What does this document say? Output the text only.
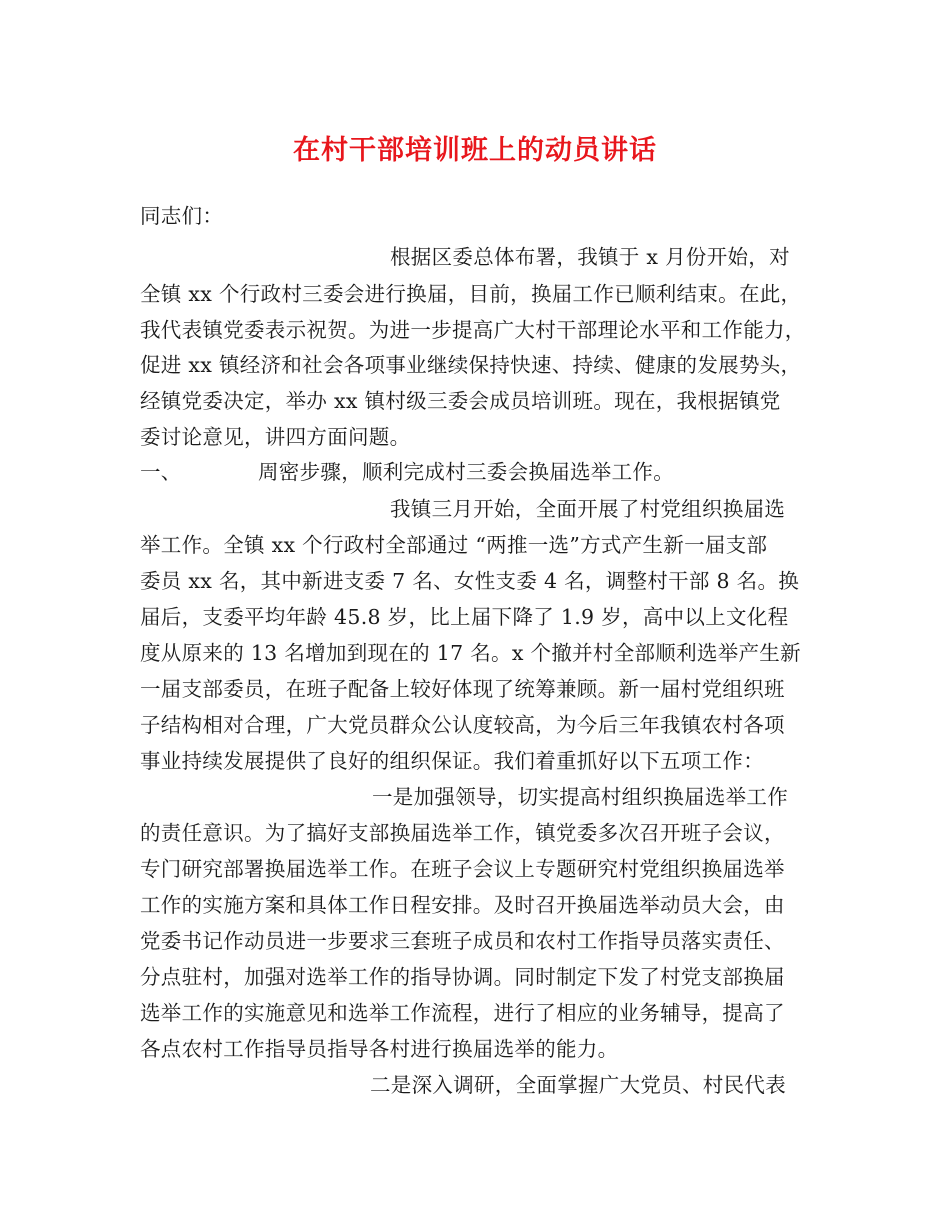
在村干部培训班上的动员讲话
同志们：
根据区委总体布署，我镇于 x 月份开始，对
全镇 xx 个行政村三委会进行换届，目前，换届工作已顺利结束。在此，
我代表镇党委表示祝贺。为进一步提高广大村干部理论水平和工作能力，
促进 xx 镇经济和社会各项事业继续保持快速、持续、健康的发展势头，
经镇党委决定，举办 xx 镇村级三委会成员培训班。现在，我根据镇党
委讨论意见，讲四方面问题。
一、	周密步骤，顺利完成村三委会换届选举工作。
我镇三月开始，全面开展了村党组织换届选
举工作。全镇 xx 个行政村全部通过 “两推一选”方式产生新一届支部
委员 xx 名，其中新进支委 7 名、女性支委 4 名，调整村干部 8 名。换
届后，支委平均年龄 45.8 岁，比上届下降了 1.9 岁，高中以上文化程
度从原来的 13 名增加到现在的 17 名。x 个撤并村全部顺利选举产生新
一届支部委员，在班子配备上较好体现了统筹兼顾。新一届村党组织班
子结构相对合理，广大党员群众公认度较高，为今后三年我镇农村各项
事业持续发展提供了良好的组织保证。我们着重抓好以下五项工作：
一是加强领导，切实提高村组织换届选举工作
的责任意识。为了搞好支部换届选举工作，镇党委多次召开班子会议，
专门研究部署换届选举工作。在班子会议上专题研究村党组织换届选举
工作的实施方案和具体工作日程安排。及时召开换届选举动员大会，由
党委书记作动员进一步要求三套班子成员和农村工作指导员落实责任、
分点驻村，加强对选举工作的指导协调。同时制定下发了村党支部换届
选举工作的实施意见和选举工作流程，进行了相应的业务辅导，提高了
各点农村工作指导员指导各村进行换届选举的能力。
二是深入调研，全面掌握广大党员、村民代表
